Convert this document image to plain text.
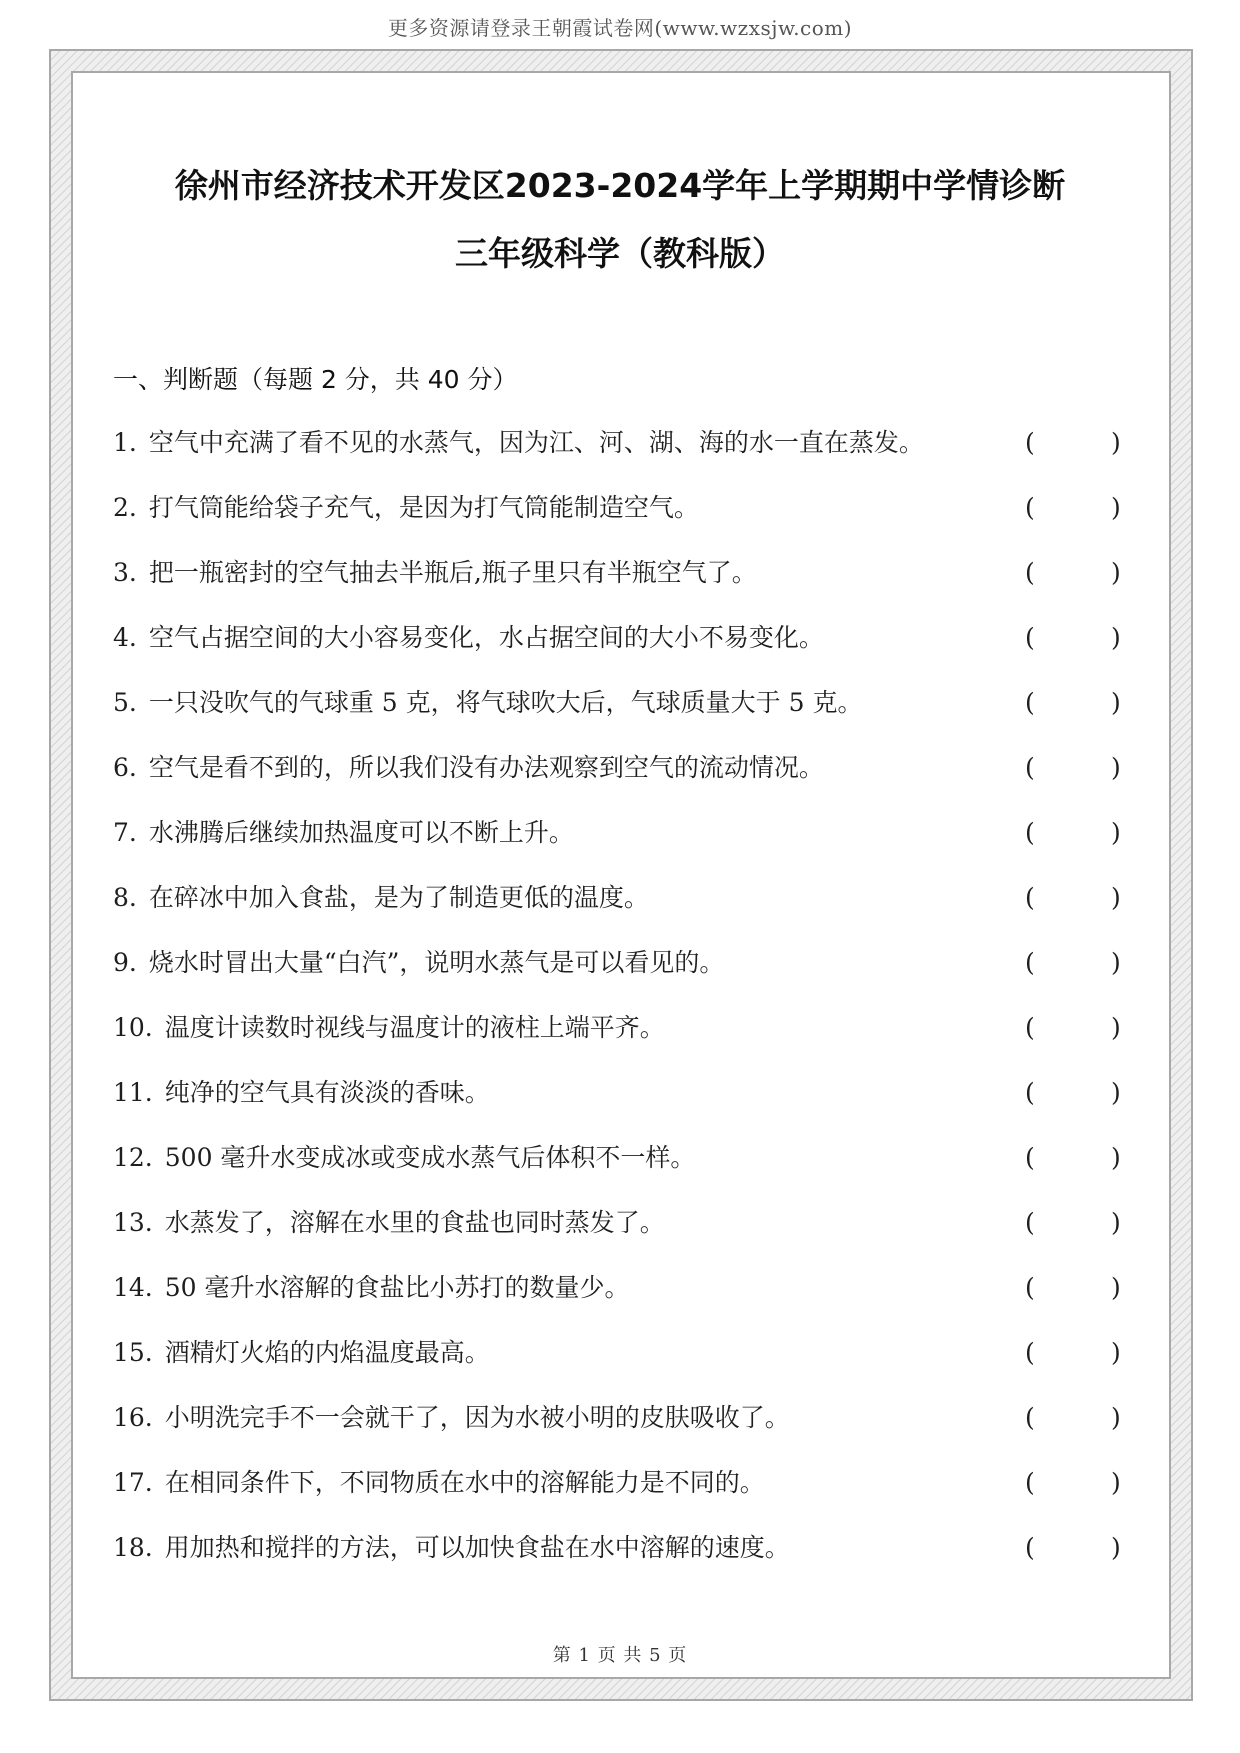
更多资源请登录王朝霞试卷网(www.wzxsjw.com)
徐州市经济技术开发区2023-2024学年上学期期中学情诊断
三年级科学（教科版）
一、判断题（每题 2 分，共 40 分）
1. 空气中充满了看不见的水蒸气，因为江、河、湖、海的水一直在蒸发。	(	)
2. 打气筒能给袋子充气，是因为打气筒能制造空气。	(	)
3. 把一瓶密封的空气抽去半瓶后,瓶子里只有半瓶空气了。	(	)
4. 空气占据空间的大小容易变化，水占据空间的大小不易变化。	(	)
5. 一只没吹气的气球重 5 克，将气球吹大后，气球质量大于 5 克。	(	)
6. 空气是看不到的，所以我们没有办法观察到空气的流动情况。	(	)
7. 水沸腾后继续加热温度可以不断上升。	(	)
8. 在碎冰中加入食盐，是为了制造更低的温度。	(	)
9. 烧水时冒出大量“白汽”，说明水蒸气是可以看见的。	(	)
10. 温度计读数时视线与温度计的液柱上端平齐。	(	)
11. 纯净的空气具有淡淡的香味。	(	)
12. 500 毫升水变成冰或变成水蒸气后体积不一样。	(	)
13. 水蒸发了，溶解在水里的食盐也同时蒸发了。	(	)
14. 50 毫升水溶解的食盐比小苏打的数量少。	(	)
15. 酒精灯火焰的内焰温度最高。	(	)
16. 小明洗完手不一会就干了，因为水被小明的皮肤吸收了。	(	)
17. 在相同条件下，不同物质在水中的溶解能力是不同的。	(	)
18. 用加热和搅拌的方法，可以加快食盐在水中溶解的速度。	(	)
第 1 页 共 5 页
